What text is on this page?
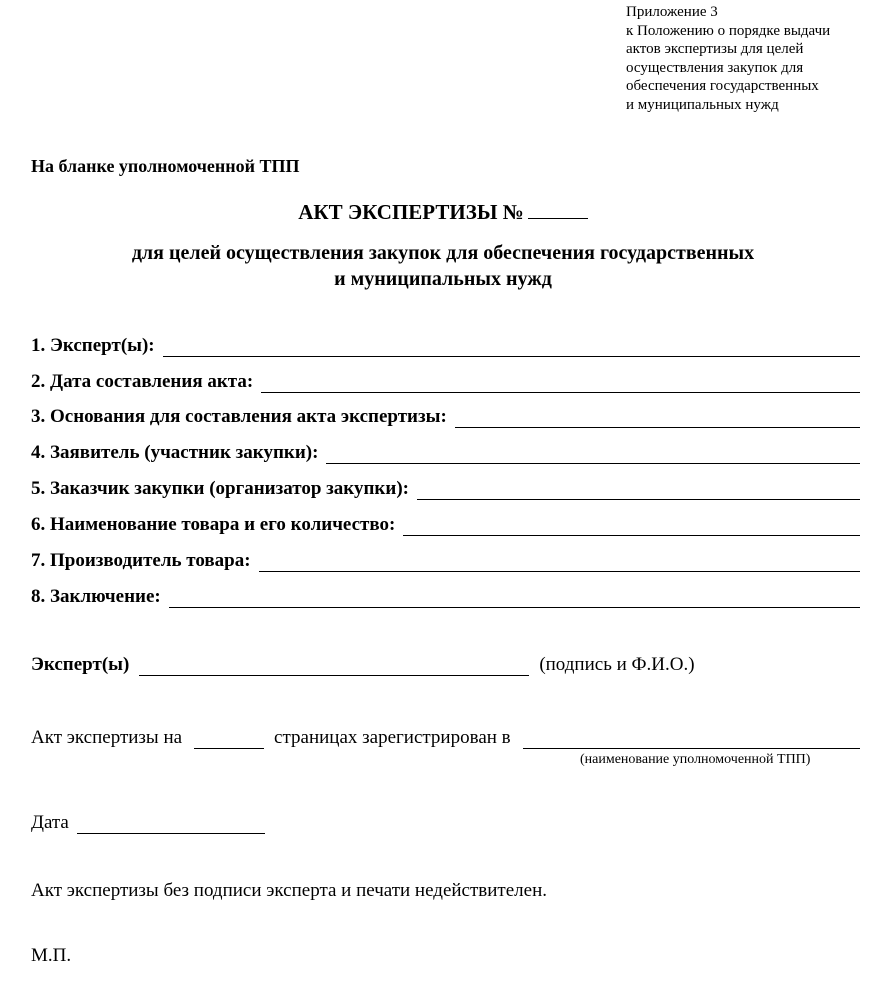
Приложение 3
к Положению о порядке выдачи
актов экспертизы для целей
осуществления закупок для
обеспечения государственных
и муниципальных нужд
На бланке уполномоченной ТПП
АКТ ЭКСПЕРТИЗЫ №
для целей осуществления закупок для обеспечения государственных
и муниципальных нужд
1. Эксперт(ы):
2. Дата составления акта:
3. Основания для составления акта экспертизы:
4. Заявитель (участник закупки):
5. Заказчик закупки (организатор закупки):
6. Наименование товара и его количество:
7. Производитель товара:
8. Заключение:
Эксперт(ы)	(подпись и Ф.И.О.)
Акт экспертизы на	страницах зарегистрирован в
(наименование уполномоченной ТПП)
Дата
Акт экспертизы без подписи эксперта и печати недействителен.
М.П.
